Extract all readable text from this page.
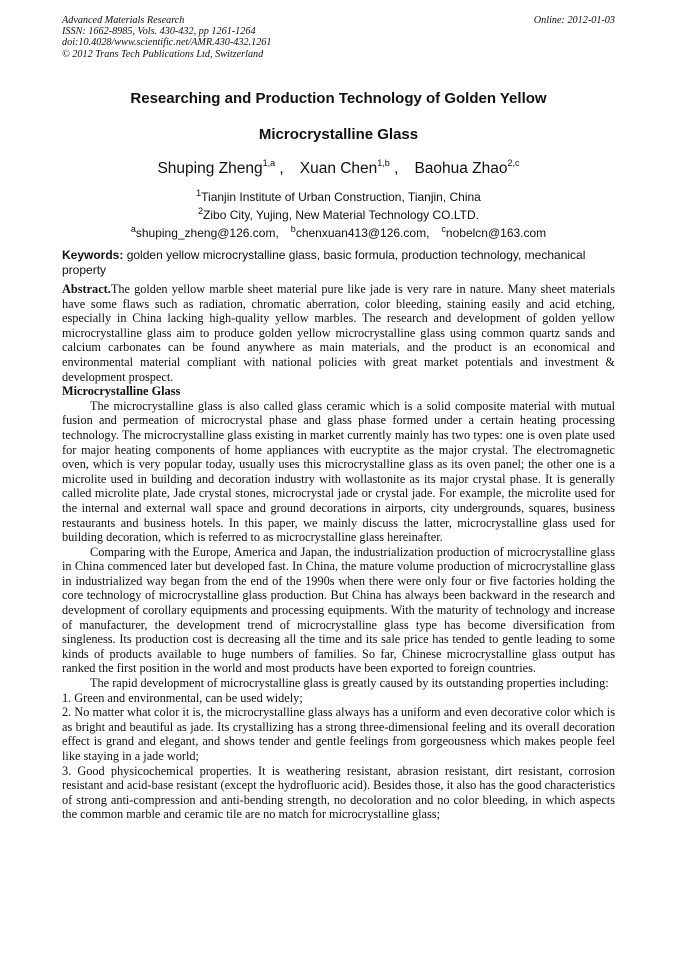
Advanced Materials Research
ISSN: 1662-8985, Vols. 430-432, pp 1261-1264
doi:10.4028/www.scientific.net/AMR.430-432.1261
© 2012 Trans Tech Publications Ltd, Switzerland
Online: 2012-01-03
Researching and Production Technology of Golden Yellow
Microcrystalline Glass
Shuping Zheng$^{1,a}$ , Xuan Chen$^{1,b}$ , Baohua Zhao$^{2,c}$
$^1$Tianjin Institute of Urban Construction, Tianjin, China
$^2$Zibo City, Yujing, New Material Technology CO.LTD.
$^a$shuping_zheng@126.com, $^b$chenxuan413@126.com, $^c$nobelcn@163.com
Keywords: golden yellow microcrystalline glass, basic formula, production technology, mechanical property

Abstract.The golden yellow marble sheet material pure like jade is very rare in nature. Many sheet materials have some flaws such as radiation, chromatic aberration, color bleeding, staining easily and acid etching, especially in China lacking high-quality yellow marbles. The research and development of golden yellow microcrystalline glass aim to produce golden yellow microcrystalline glass using common quartz sands and calcium carbonates can be found anywhere as main materials, and the product is an economical and environmental material compliant with national policies with great market potentials and investment & development prospect.

Microcrystalline Glass

The microcrystalline glass is also called glass ceramic which is a solid composite material with mutual fusion and permeation of microcrystal phase and glass phase formed under a certain heating processing technology. The microcrystalline glass existing in market currently mainly has two types: one is oven plate used for major heating components of home appliances with eucryptite as the major crystal. The electromagnetic oven, which is very popular today, usually uses this microcrystalline glass as its oven panel; the other one is a microlite used in building and decoration industry with wollastonite as its major crystal phase. It is generally called microlite plate, Jade crystal stones, microcrystal jade or crystal jade. For example, the microlite used for the internal and external wall space and ground decorations in airports, city undergrounds, squares, business restaurants and business hotels. In this paper, we mainly discuss the latter, microcrystalline glass used for building decoration, which is referred to as microcrystalline glass hereinafter.

Comparing with the Europe, America and Japan, the industrialization production of microcrystalline glass in China commenced later but developed fast. In China, the mature volume production of microcrystalline glass in industrialized way began from the end of the 1990s when there were only four or five factories holding the core technology of microcrystalline glass production. But China has always been backward in the research and development of corollary equipments and processing equipments. With the maturity of technology and increase of manufacturer, the development trend of microcrystalline glass type has become diversification from singleness. Its production cost is decreasing all the time and its sale price has tended to gentle leading to some kinds of products available to huge numbers of families. So far, Chinese microcrystalline glass output has ranked the first position in the world and most products have been exported to foreign countries.

The rapid development of microcrystalline glass is greatly caused by its outstanding properties including:

1. Green and environmental, can be used widely;

2. No matter what color it is, the microcrystalline glass always has a uniform and even decorative color which is as bright and beautiful as jade. Its crystallizing has a strong three-dimensional feeling and its overall decoration effect is grand and elegant, and shows tender and gentle feelings from gorgeousness which makes people feel like staying in a jade world;

3. Good physicochemical properties. It is weathering resistant, abrasion resistant, dirt resistant, corrosion resistant and acid-base resistant (except the hydrofluoric acid). Besides those, it also has the good characteristics of strong anti-compression and anti-bending strength, no decoloration and no color bleeding, in which aspects the common marble and ceramic tile are no match for microcrystalline glass;
